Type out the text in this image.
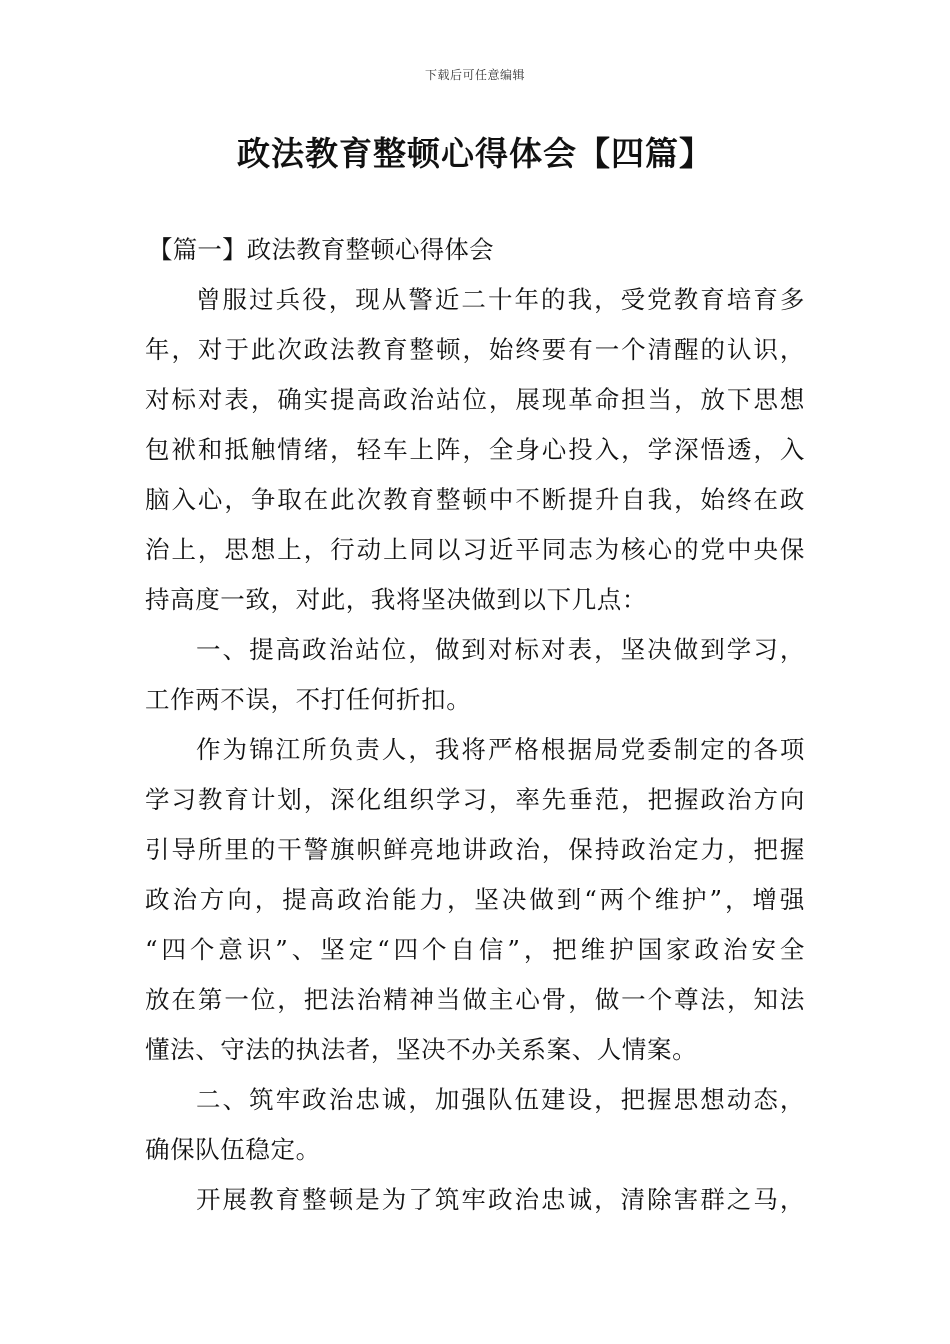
下载后可任意编辑
政法教育整顿心得体会【四篇】
【篇一】政法教育整顿心得体会
曾服过兵役，现从警近二十年的我，受党教育培育多
年，对于此次政法教育整顿，始终要有一个清醒的认识，
对标对表，确实提高政治站位，展现革命担当，放下思想
包袱和抵触情绪，轻车上阵，全身心投入，学深悟透，入
脑入心，争取在此次教育整顿中不断提升自我，始终在政
治上，思想上，行动上同以习近平同志为核心的党中央保
持高度一致，对此，我将坚决做到以下几点：
一、提高政治站位，做到对标对表，坚决做到学习，
工作两不误，不打任何折扣。
作为锦江所负责人，我将严格根据局党委制定的各项
学习教育计划，深化组织学习，率先垂范，把握政治方向
引导所里的干警旗帜鲜亮地讲政治，保持政治定力，把握
政治方向，提高政治能力，坚决做到“两个维护”，增强
“四个意识”、坚定“四个自信”，把维护国家政治安全
放在第一位，把法治精神当做主心骨，做一个尊法，知法
懂法、守法的执法者，坚决不办关系案、人情案。
二、筑牢政治忠诚，加强队伍建设，把握思想动态，
确保队伍稳定。
开展教育整顿是为了筑牢政治忠诚，清除害群之马，
